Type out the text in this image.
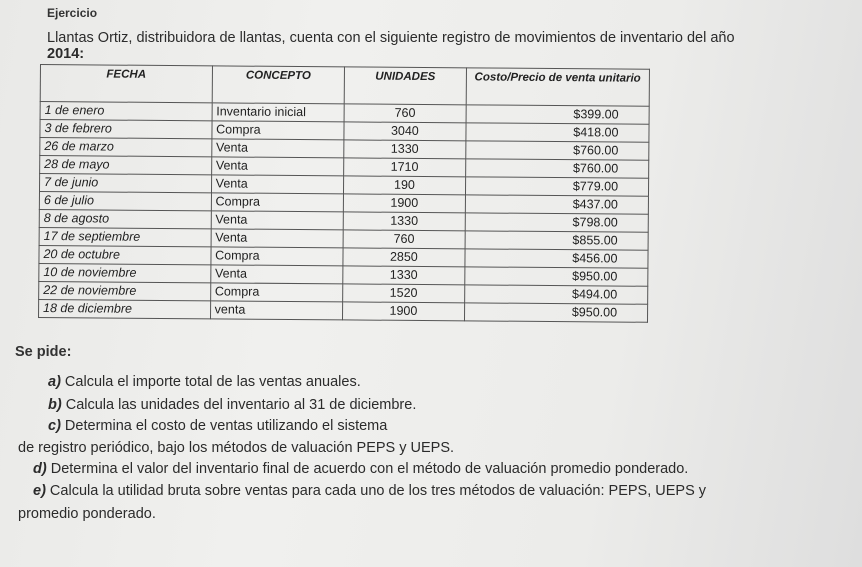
Ejercicio
Llantas Ortiz, distribuidora de llantas, cuenta con el siguiente registro de movimientos de inventario del año
2014:
FECHA	CONCEPTO	UNIDADES	Costo/Precio de venta unitario
1 de enero	Inventario inicial	760	$399.00
3 de febrero	Compra	3040	$418.00
26 de marzo	Venta	1330	$760.00
28 de mayo	Venta	1710	$760.00
7 de junio	Venta	190	$779.00
6 de julio	Compra	1900	$437.00
8 de agosto	Venta	1330	$798.00
17 de septiembre	Venta	760	$855.00
20 de octubre	Compra	2850	$456.00
10 de noviembre	Venta	1330	$950.00
22 de noviembre	Compra	1520	$494.00
18 de diciembre	venta	1900	$950.00
Se pide:
a) Calcula el importe total de las ventas anuales.
b) Calcula las unidades del inventario al 31 de diciembre.
c) Determina el costo de ventas utilizando el sistema
de registro periódico, bajo los métodos de valuación PEPS y UEPS.
d) Determina el valor del inventario final de acuerdo con el método de valuación promedio ponderado.
e) Calcula la utilidad bruta sobre ventas para cada uno de los tres métodos de valuación: PEPS, UEPS y
promedio ponderado.
